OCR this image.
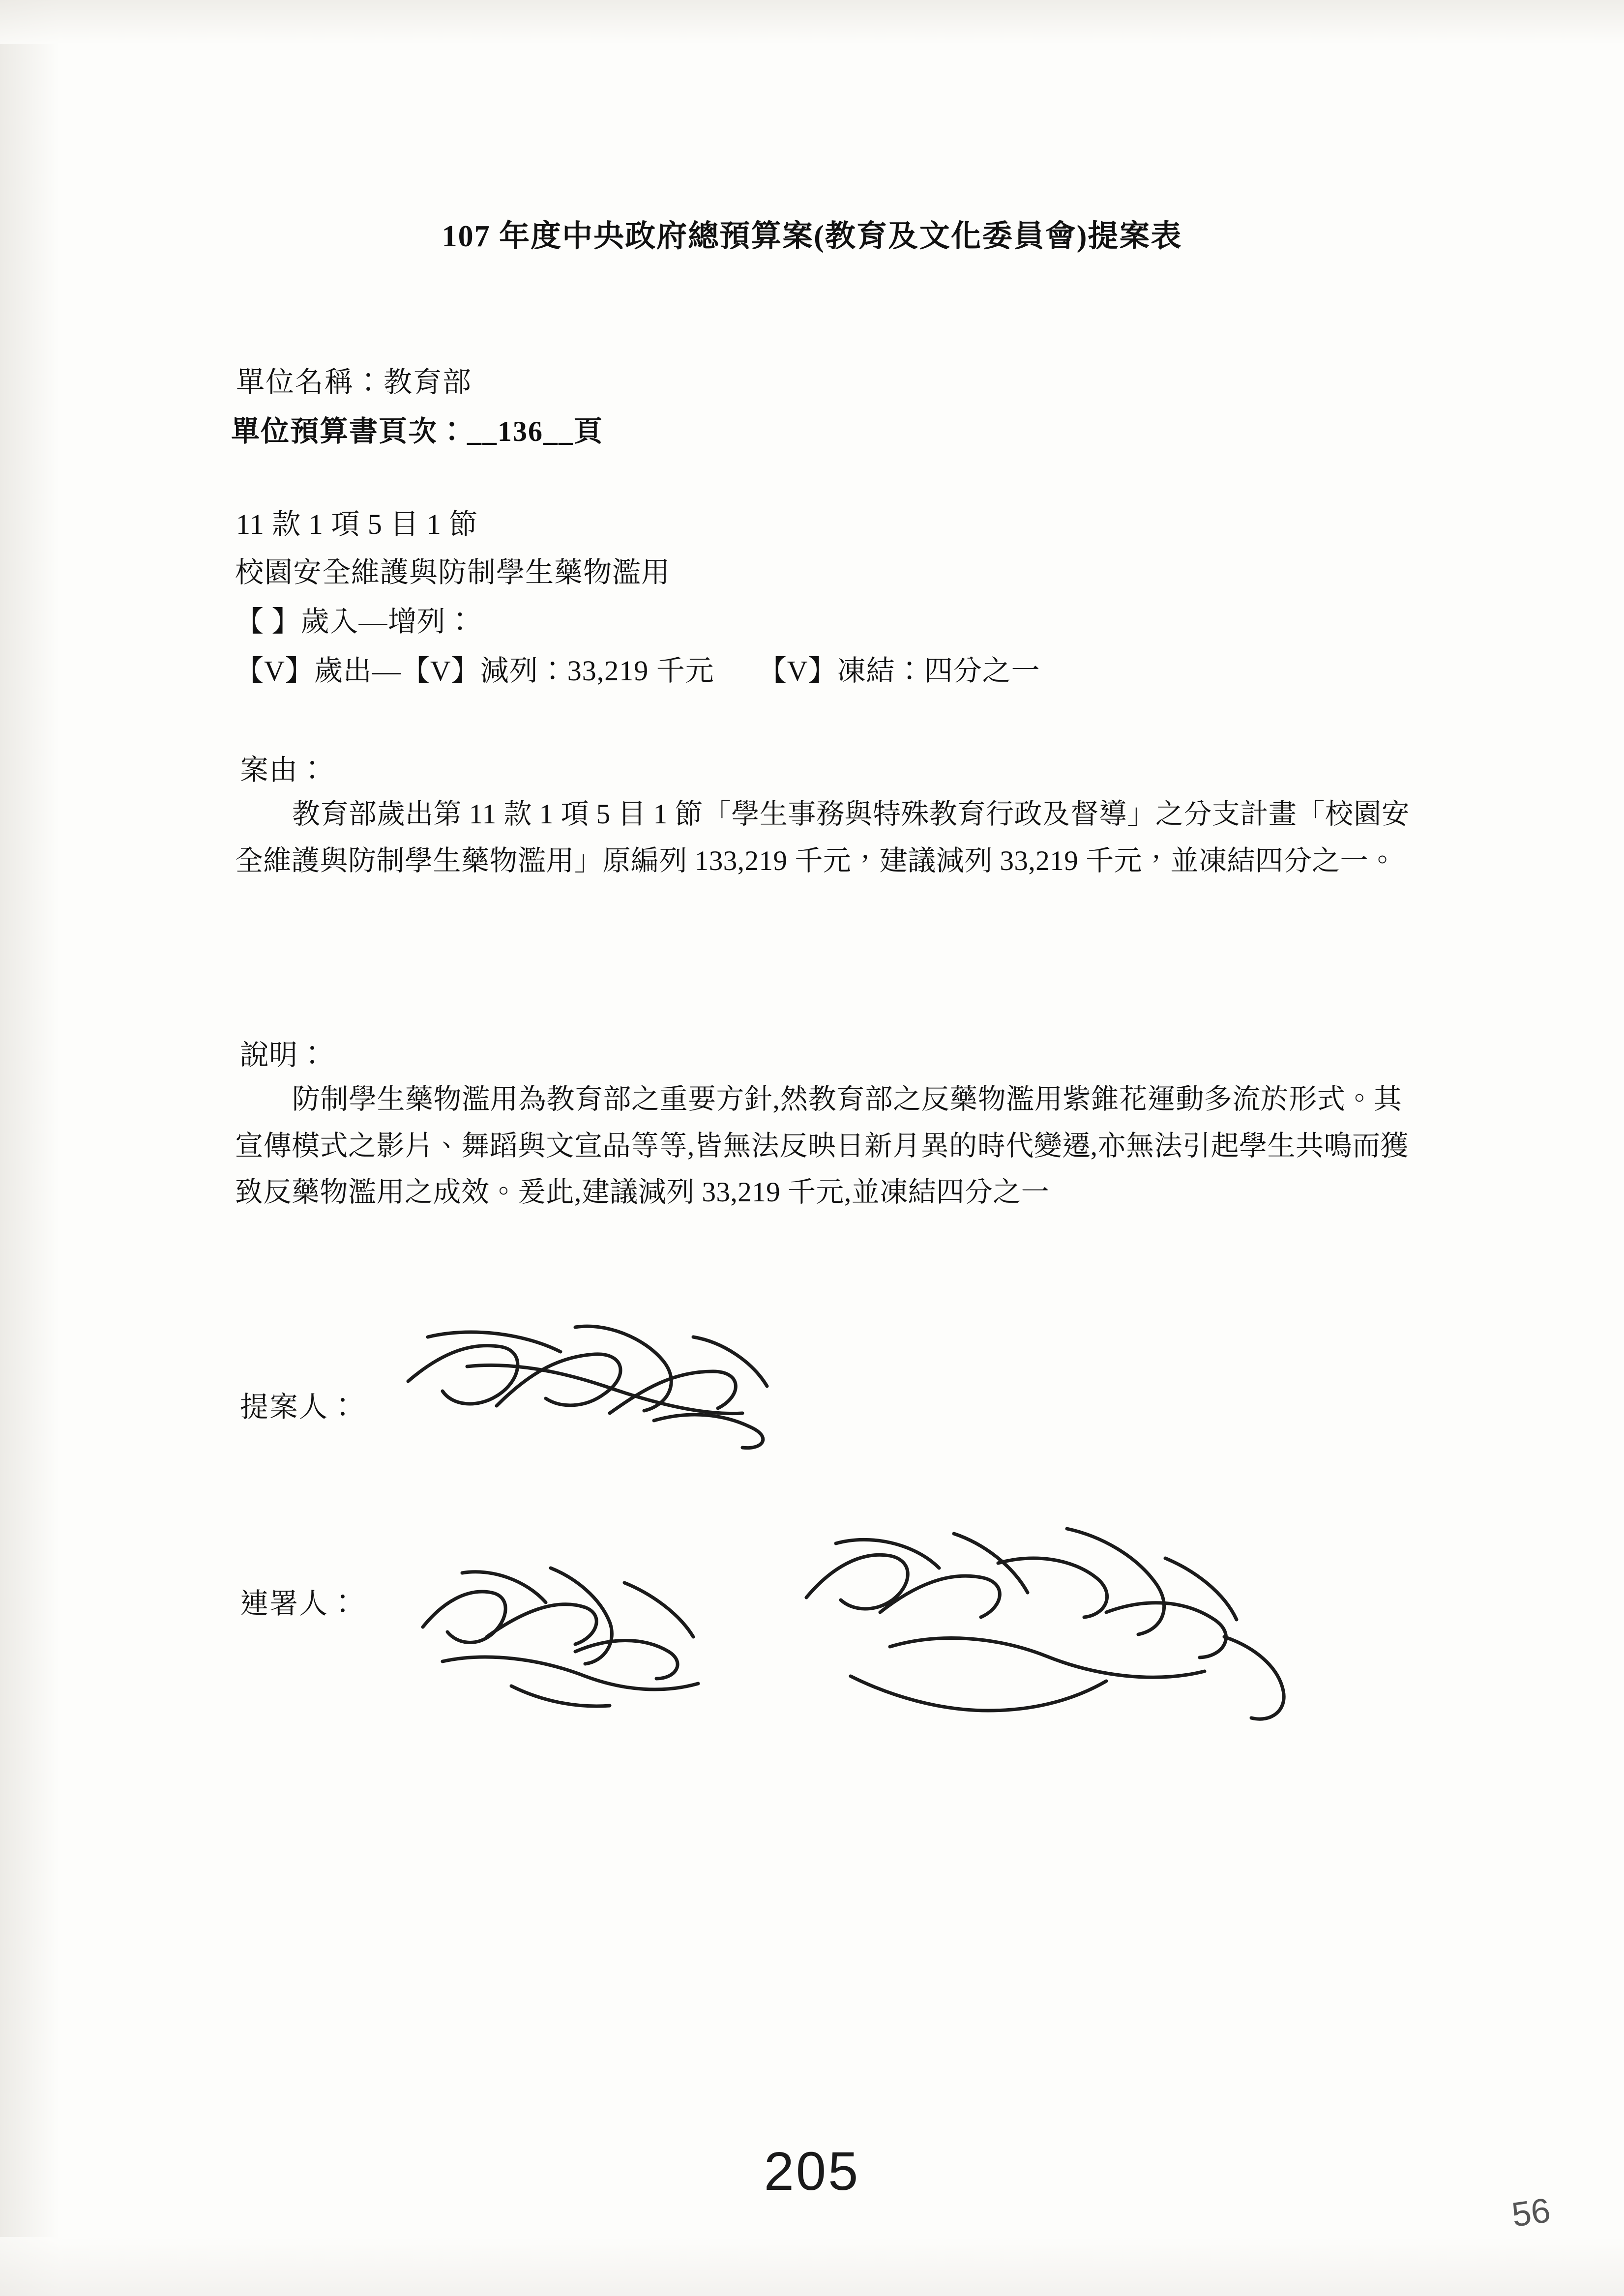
107 年度中央政府總預算案(教育及文化委員會)提案表
單位名稱：教育部
單位預算書頁次：__136__頁
11 款 1 項 5 目 1 節
校園安全維護與防制學生藥物濫用
【 】歲入—增列：
【V】歲出—【V】減列：33,219 千元　　【V】凍結：四分之一
案由：
教育部歲出第 11 款 1 項 5 目 1 節「學生事務與特殊教育行政及督導」之分支計畫「校園安全維護與防制學生藥物濫用」原編列 133,219 千元，建議減列 33,219 千元，並凍結四分之一。
說明：
防制學生藥物濫用為教育部之重要方針,然教育部之反藥物濫用紫錐花運動多流於形式。其宣傳模式之影片、舞蹈與文宣品等等,皆無法反映日新月異的時代變遷,亦無法引起學生共鳴而獲致反藥物濫用之成效。爰此,建議減列 33,219 千元,並凍結四分之一
提案人：
連署人：
205
56
